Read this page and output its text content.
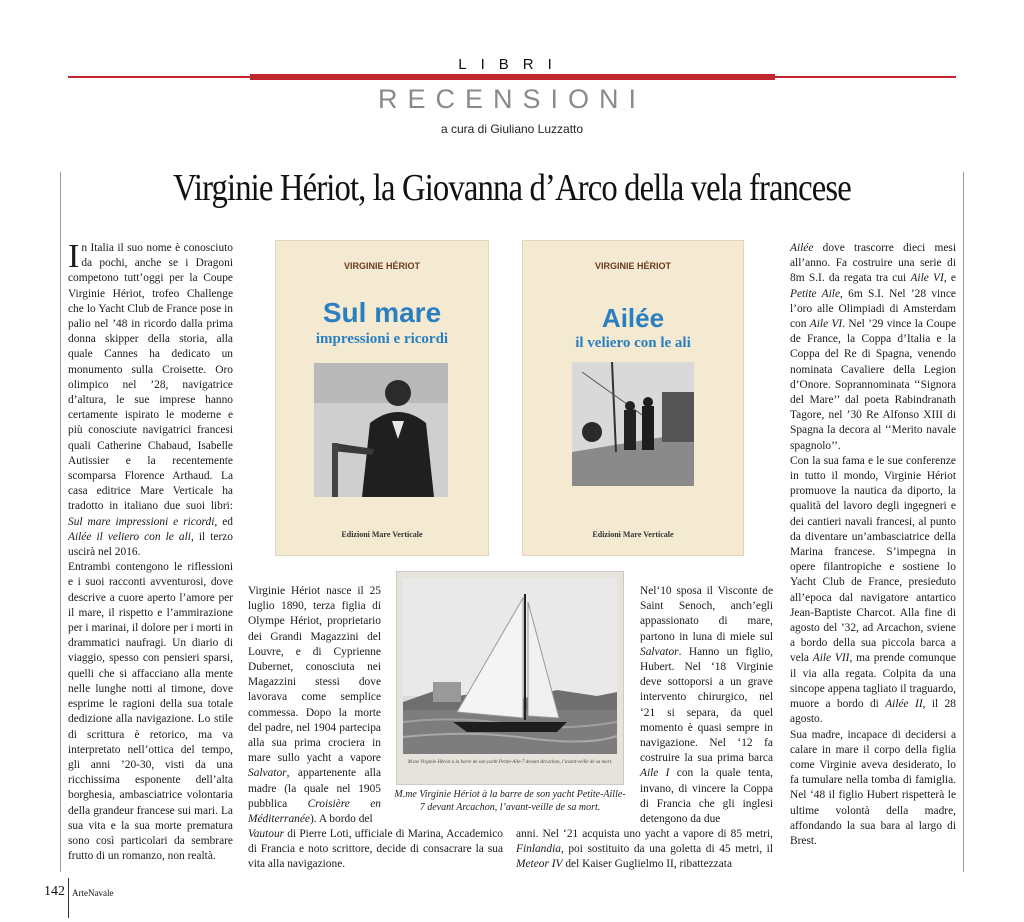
LIBRI
RECENSIONI
a cura di Giuliano Luzzatto
Virginie Hériot, la Giovanna d’Arco della vela francese

In Italia il suo nome è conosciuto da pochi, anche se i Dragoni competono tutt’oggi per la Coupe Virginie Hériot, trofeo Challenge che lo Yacht Club de France pose in palio nel ’48 in ricordo dalla prima donna skipper della storia, alla quale Cannes ha dedicato un monumento sulla Croisette. Oro olimpico nel ’28, navigatrice d’altura, le sue imprese hanno certamente ispirato le moderne e più conosciute navigatrici francesi quali Catherine Chabaud, Isabelle Autissier e la recentemente scomparsa Florence Arthaud. La casa editrice Mare Verticale ha tradotto in italiano due suoi libri: Sul mare impressioni e ricordi, ed Ailée il veliero con le ali, il terzo uscirà nel 2016.

Entrambi contengono le riflessioni e i suoi racconti avventurosi, dove descrive a cuore aperto l’amore per il mare, il rispetto e l’ammirazione per i marinai, il dolore per i morti in drammatici naufragi. Un diario di viaggio, spesso con pensieri sparsi, quelli che si affacciano alla mente nelle lunghe notti al timone, dove esprime le ragioni della sua totale dedizione alla navigazione. Lo stile di scrittura è retorico, ma va interpretato nell’ottica del tempo, gli anni ’20-30, visti da una ricchissima esponente dell’alta borghesia, ambasciatrice volontaria della grandeur francese sui mari. La sua vita e la sua morte prematura sono così particolari da sembrare frutto di un romanzo, non realtà.

VIRGINIE HÉRIOT
Sul mare
impressioni e ricordi
Edizioni Mare Verticale
VIRGINIE HÉRIOT
Ailée
il veliero con le ali
Edizioni Mare Verticale

Virginie Hériot nasce il 25 luglio 1890, terza figlia di Olympe Hériot, proprietario dei Grandi Magazzini del Louvre, e di Cyprienne Dubernet, conosciuta nei Magazzini stessi dove lavorava come semplice commessa. Dopo la morte del padre, nel 1904 partecipa alla sua prima crociera in mare sullo yacht a vapore Salvator, appartenente alla madre (la quale nel 1905 pubblica Croisière en Méditerranée). A bordo del

Vautour di Pierre Loti, ufficiale di Marina, Accademico di Francia e noto scrittore, decide di consacrare la sua vita alla navigazione.

M.me Virginie Hériot à la barre de son yacht Petite-Aile-7 devant Arcachon, l’avant-veille de sa mort.
M.me Virginie Hériot à la barre de son yacht Petite-Aille-7 devant Arcachon, l’avant-veille de sa mort.

Nel‘10 sposa il Visconte de Saint Senoch, anch’egli appassionato di mare, partono in luna di miele sul Salvator. Hanno un figlio, Hubert. Nel ‘18 Virginie deve sottoporsi a un grave intervento chirurgico, nel ‘21 si separa, da quel momento è quasi sempre in navigazione. Nel ‘12 fa costruire la sua prima barca Aile I con la quale tenta, invano, di vincere la Coppa di Francia che gli inglesi detengono da due

anni. Nel ‘21 acquista uno yacht a vapore di 85 metri, Finlandia, poi sostituito da una goletta di 45 metri, il Meteor IV del Kaiser Guglielmo II, ribattezzata

Ailée dove trascorre dieci mesi all’anno. Fa costruire una serie di 8m S.I. da regata tra cui Aile VI, e Petite Aile, 6m S.I. Nel ’28 vince l’oro alle Olimpiadi di Amsterdam con Aile VI. Nel ’29 vince la Coupe de France, la Coppa d’Italia e la Coppa del Re di Spagna, venendo nominata Cavaliere della Legion d’Onore. Soprannominata ‘‘Signora del Mare’’ dal poeta Rabindranath Tagore, nel ’30 Re Alfonso XIII di Spagna la decora al ‘‘Merito navale spagnolo’’.

Con la sua fama e le sue conferenze in tutto il mondo, Virginie Hériot promuove la nautica da diporto, la qualità del lavoro degli ingegneri e dei cantieri navali francesi, al punto da diventare un’ambasciatrice della Marina francese. S’impegna in opere filantropiche e sostiene lo Yacht Club de France, presieduto all’epoca dal navigatore antartico Jean-Baptiste Charcot. Alla fine di agosto del ’32, ad Arcachon, sviene a bordo della sua piccola barca a vela Aile VII, ma prende comunque il via alla regata. Colpita da una sincope appena tagliato il traguardo, muore a bordo di Ailée II, il 28 agosto.

Sua madre, incapace di decidersi a calare in mare il corpo della figlia come Virginie aveva desiderato, lo fa tumulare nella tomba di famiglia. Nel ‘48 il figlio Hubert rispetterà le ultime volontà della madre, affondando la sua bara al largo di Brest.

142 ArteNavale
